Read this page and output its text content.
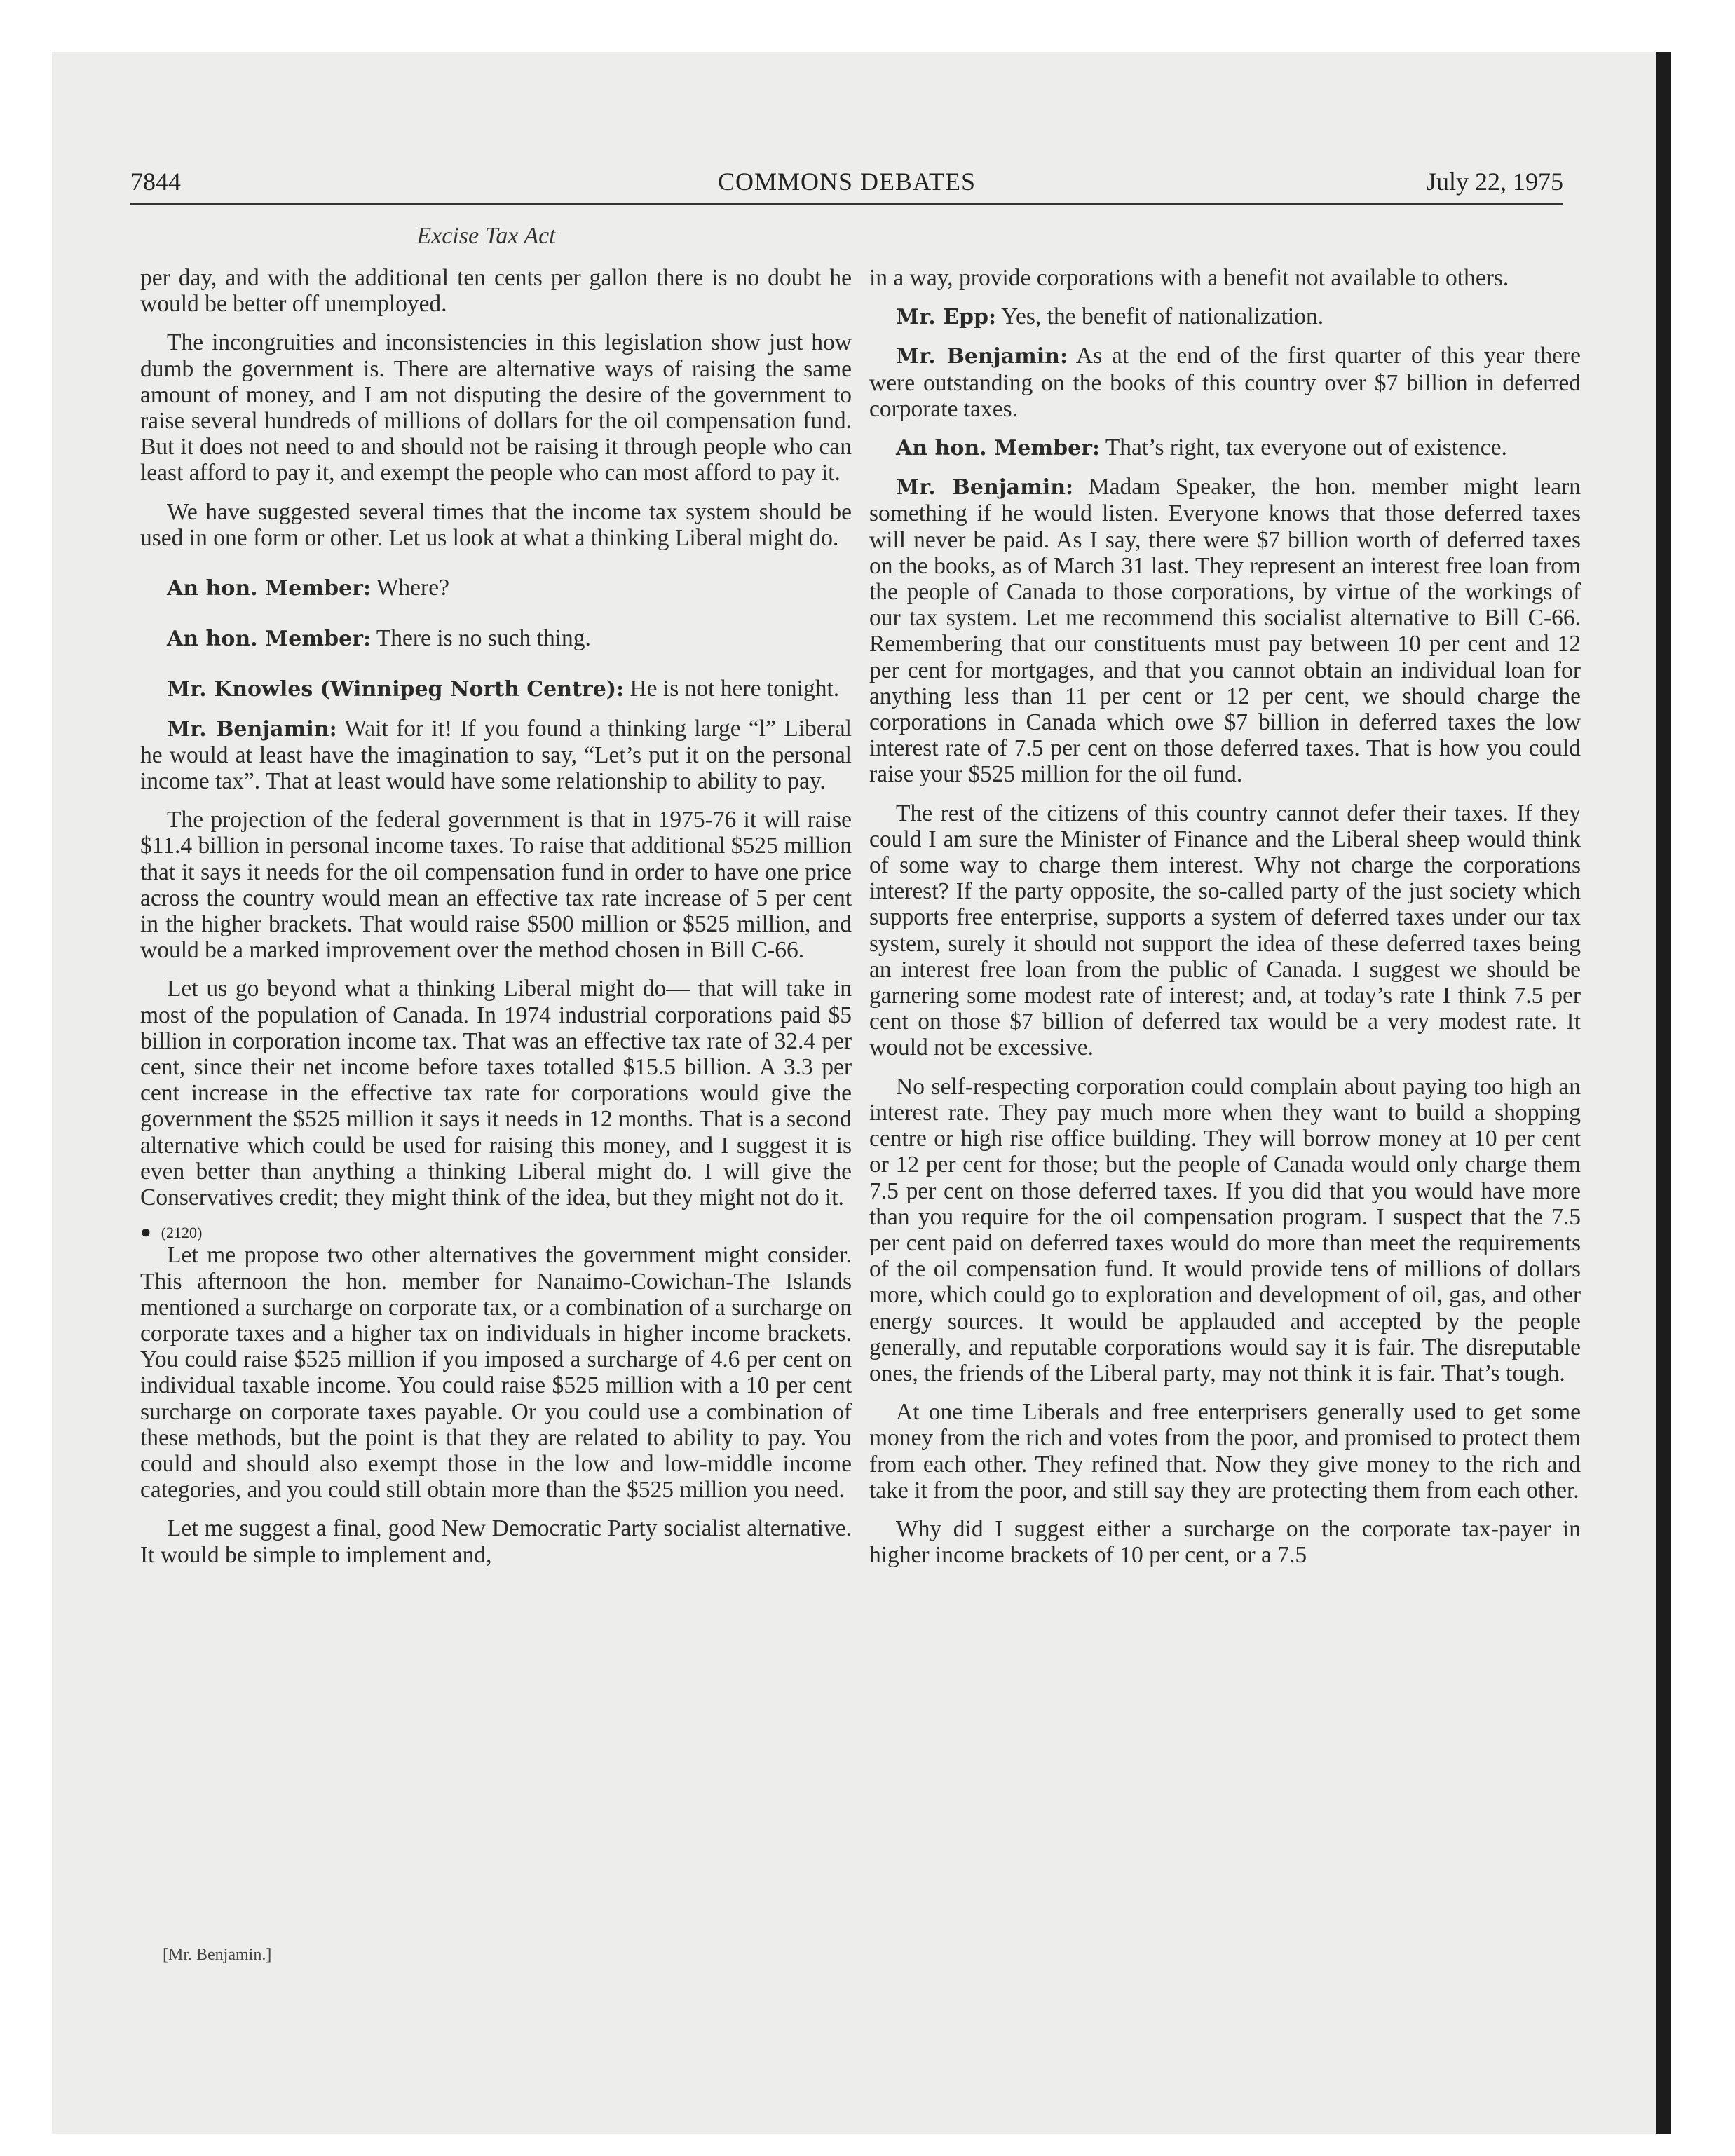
7844	COMMONS DEBATES	July 22, 1975
Excise Tax Act

per day, and with the additional ten cents per gallon there is no doubt he would be better off unemployed.

The incongruities and inconsistencies in this legislation show just how dumb the government is. There are alternative ways of raising the same amount of money, and I am not disputing the desire of the government to raise several hundreds of millions of dollars for the oil compensation fund. But it does not need to and should not be raising it through people who can least afford to pay it, and exempt the people who can most afford to pay it.

We have suggested several times that the income tax system should be used in one form or other. Let us look at what a thinking Liberal might do.

An hon. Member: Where?

An hon. Member: There is no such thing.

Mr. Knowles (Winnipeg North Centre): He is not here tonight.

Mr. Benjamin: Wait for it! If you found a thinking large “l” Liberal he would at least have the imagination to say, “Let’s put it on the personal income tax”. That at least would have some relationship to ability to pay.

The projection of the federal government is that in 1975-76 it will raise $11.4 billion in personal income taxes. To raise that additional $525 million that it says it needs for the oil compensation fund in order to have one price across the country would mean an effective tax rate increase of 5 per cent in the higher brackets. That would raise $500 million or $525 million, and would be a marked improvement over the method chosen in Bill C-66.

Let us go beyond what a thinking Liberal might do— that will take in most of the population of Canada. In 1974 industrial corporations paid $5 billion in corporation income tax. That was an effective tax rate of 32.4 per cent, since their net income before taxes totalled $15.5 billion. A 3.3 per cent increase in the effective tax rate for corporations would give the government the $525 million it says it needs in 12 months. That is a second alternative which could be used for raising this money, and I suggest it is even better than anything a thinking Liberal might do. I will give the Conservatives credit; they might think of the idea, but they might not do it.

● (2120)

Let me propose two other alternatives the government might consider. This afternoon the hon. member for Nanaimo-Cowichan-The Islands mentioned a surcharge on corporate tax, or a combination of a surcharge on corporate taxes and a higher tax on individuals in higher income brackets. You could raise $525 million if you imposed a surcharge of 4.6 per cent on individual taxable income. You could raise $525 million with a 10 per cent surcharge on corporate taxes payable. Or you could use a combination of these methods, but the point is that they are related to ability to pay. You could and should also exempt those in the low and low-middle income categories, and you could still obtain more than the $525 million you need.

Let me suggest a final, good New Democratic Party socialist alternative. It would be simple to implement and,

in a way, provide corporations with a benefit not available to others.

Mr. Epp: Yes, the benefit of nationalization.

Mr. Benjamin: As at the end of the first quarter of this year there were outstanding on the books of this country over $7 billion in deferred corporate taxes.

An hon. Member: That’s right, tax everyone out of existence.

Mr. Benjamin: Madam Speaker, the hon. member might learn something if he would listen. Everyone knows that those deferred taxes will never be paid. As I say, there were $7 billion worth of deferred taxes on the books, as of March 31 last. They represent an interest free loan from the people of Canada to those corporations, by virtue of the workings of our tax system. Let me recommend this socialist alternative to Bill C-66. Remembering that our constituents must pay between 10 per cent and 12 per cent for mortgages, and that you cannot obtain an individual loan for anything less than 11 per cent or 12 per cent, we should charge the corporations in Canada which owe $7 billion in deferred taxes the low interest rate of 7.5 per cent on those deferred taxes. That is how you could raise your $525 million for the oil fund.

The rest of the citizens of this country cannot defer their taxes. If they could I am sure the Minister of Finance and the Liberal sheep would think of some way to charge them interest. Why not charge the corporations interest? If the party opposite, the so-called party of the just society which supports free enterprise, supports a system of deferred taxes under our tax system, surely it should not support the idea of these deferred taxes being an interest free loan from the public of Canada. I suggest we should be garnering some modest rate of interest; and, at today’s rate I think 7.5 per cent on those $7 billion of deferred tax would be a very modest rate. It would not be excessive.

No self-respecting corporation could complain about paying too high an interest rate. They pay much more when they want to build a shopping centre or high rise office building. They will borrow money at 10 per cent or 12 per cent for those; but the people of Canada would only charge them 7.5 per cent on those deferred taxes. If you did that you would have more than you require for the oil compensation program. I suspect that the 7.5 per cent paid on deferred taxes would do more than meet the requirements of the oil compensation fund. It would provide tens of millions of dollars more, which could go to exploration and development of oil, gas, and other energy sources. It would be applauded and accepted by the people generally, and reputable corporations would say it is fair. The disreputable ones, the friends of the Liberal party, may not think it is fair. That’s tough.

At one time Liberals and free enterprisers generally used to get some money from the rich and votes from the poor, and promised to protect them from each other. They refined that. Now they give money to the rich and take it from the poor, and still say they are protecting them from each other.

Why did I suggest either a surcharge on the corporate tax-payer in higher income brackets of 10 per cent, or a 7.5

[Mr. Benjamin.]
